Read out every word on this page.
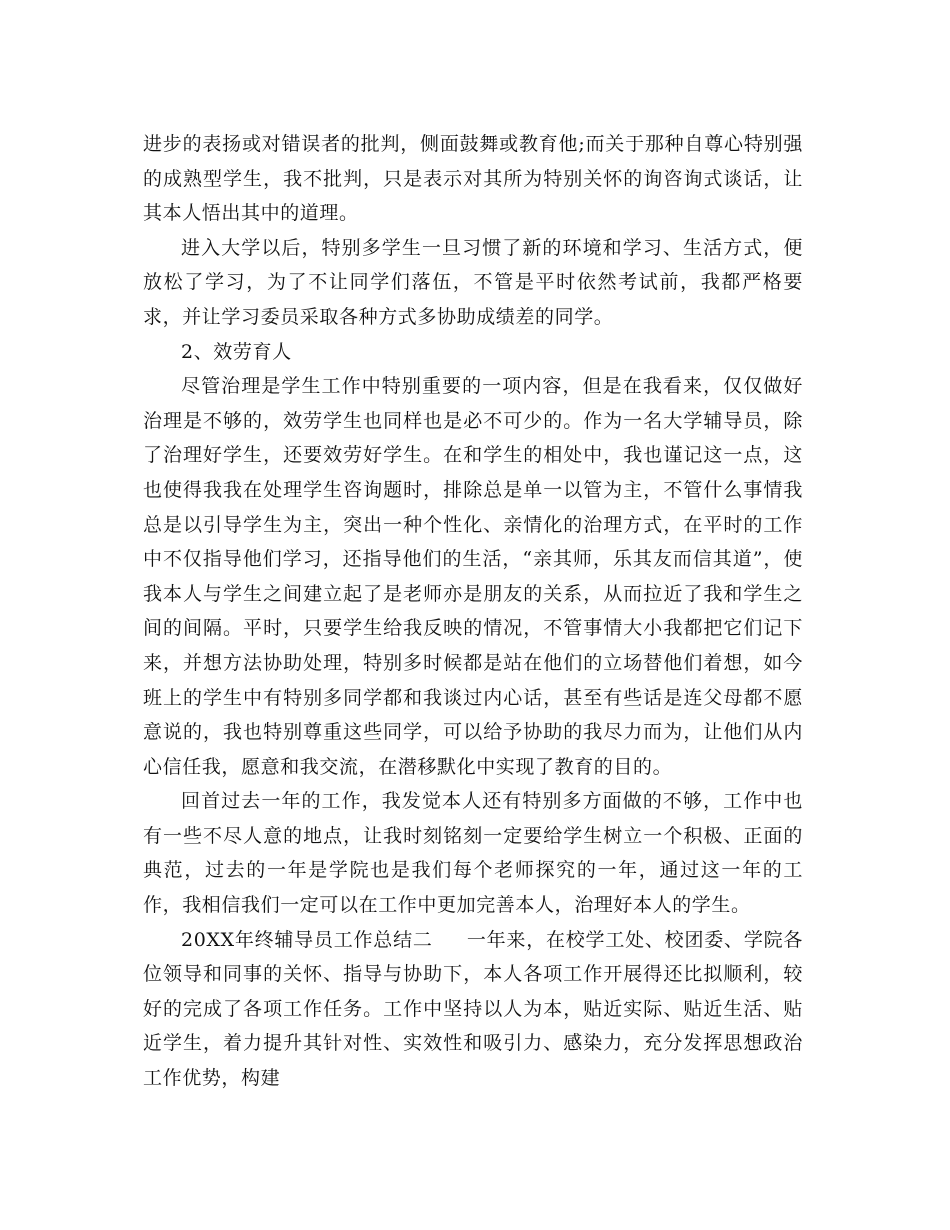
进步的表扬或对错误者的批判，侧面鼓舞或教育他;而关于那种自尊心特别强的成熟型学生，我不批判，只是表示对其所为特别关怀的询咨询式谈话，让其本人悟出其中的道理。

进入大学以后，特别多学生一旦习惯了新的环境和学习、生活方式，便放松了学习，为了不让同学们落伍，不管是平时依然考试前，我都严格要求，并让学习委员采取各种方式多协助成绩差的同学。

2、效劳育人

尽管治理是学生工作中特别重要的一项内容，但是在我看来，仅仅做好治理是不够的，效劳学生也同样也是必不可少的。作为一名大学辅导员，除了治理好学生，还要效劳好学生。在和学生的相处中，我也谨记这一点，这也使得我我在处理学生咨询题时，排除总是单一以管为主，不管什么事情我总是以引导学生为主，突出一种个性化、亲情化的治理方式，在平时的工作中不仅指导他们学习，还指导他们的生活，“亲其师，乐其友而信其道”，使我本人与学生之间建立起了是老师亦是朋友的关系，从而拉近了我和学生之间的间隔。平时，只要学生给我反映的情况，不管事情大小我都把它们记下来，并想方法协助处理，特别多时候都是站在他们的立场替他们着想，如今班上的学生中有特别多同学都和我谈过内心话，甚至有些话是连父母都不愿意说的，我也特别尊重这些同学，可以给予协助的我尽力而为，让他们从内心信任我，愿意和我交流，在潜移默化中实现了教育的目的。

回首过去一年的工作，我发觉本人还有特别多方面做的不够，工作中也有一些不尽人意的地点，让我时刻铭刻一定要给学生树立一个积极、正面的典范，过去的一年是学院也是我们每个老师探究的一年，通过这一年的工作，我相信我们一定可以在工作中更加完善本人，治理好本人的学生。

20XX年终辅导员工作总结二 一年来，在校学工处、校团委、学院各位领导和同事的关怀、指导与协助下，本人各项工作开展得还比拟顺利，较好的完成了各项工作任务。工作中坚持以人为本，贴近实际、贴近生活、贴近学生，着力提升其针对性、实效性和吸引力、感染力，充分发挥思想政治工作优势，构建
